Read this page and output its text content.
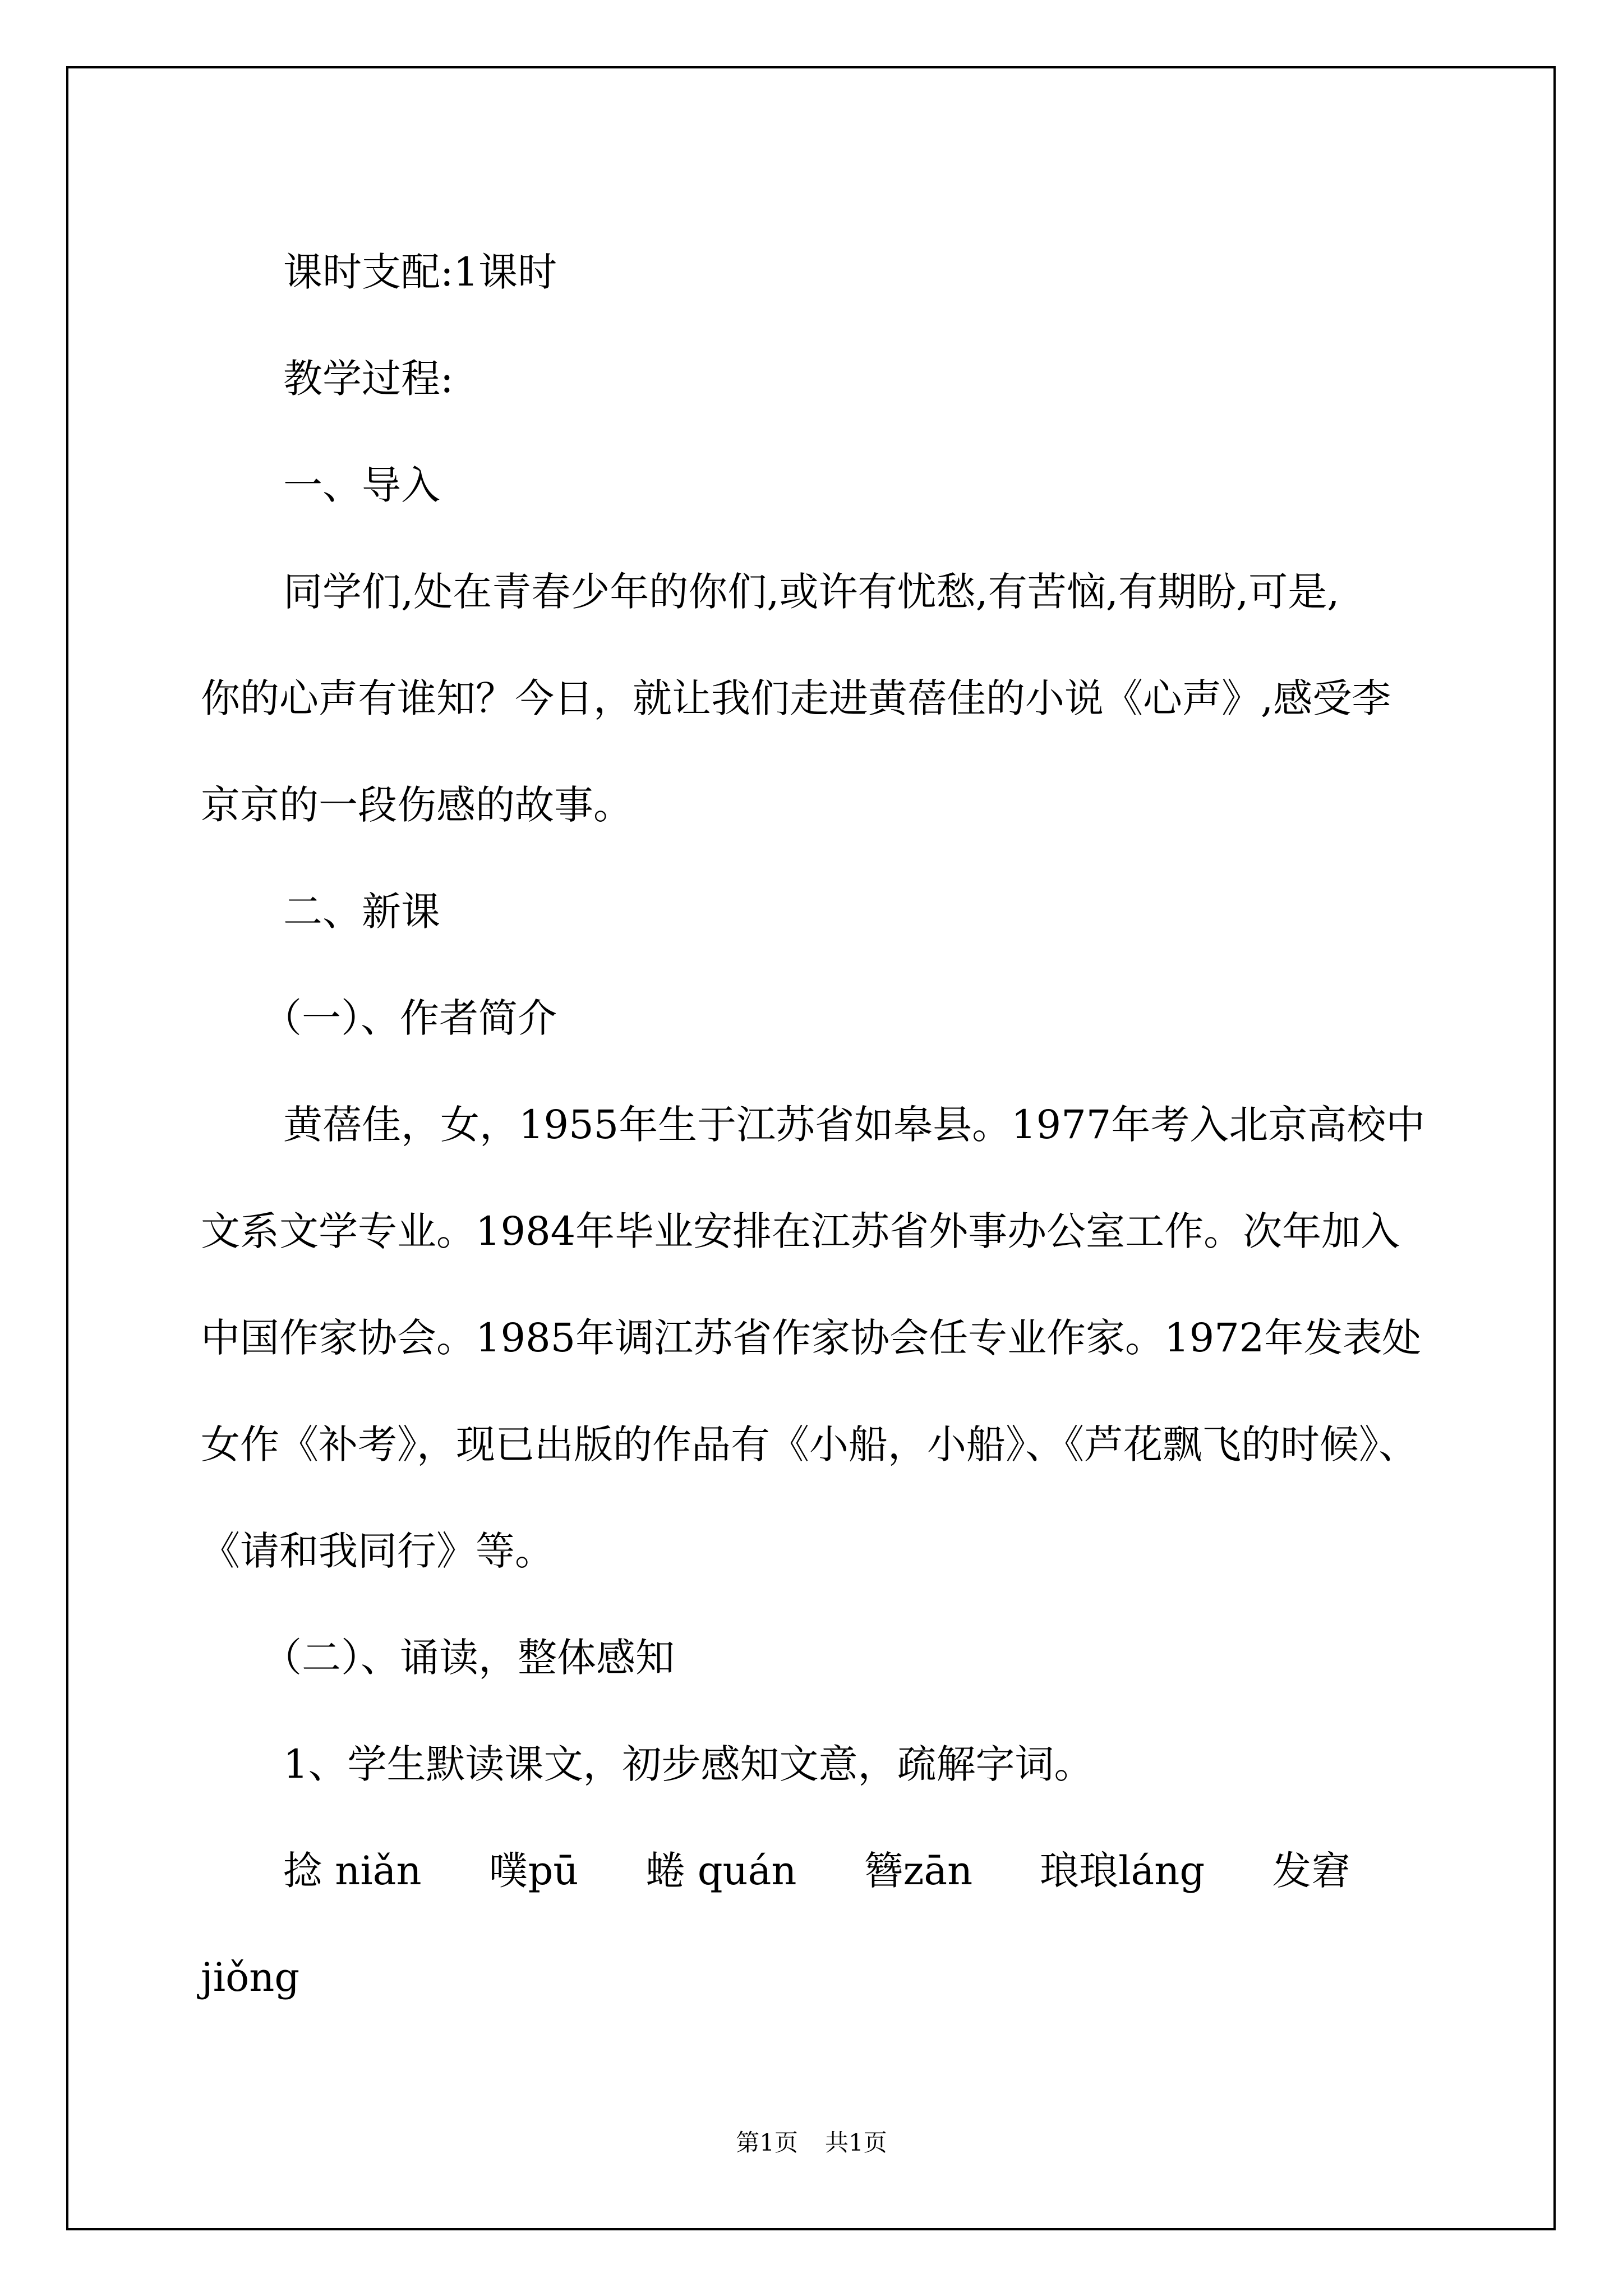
课时支配:1课时

教学过程:

一、导入

同学们,处在青春少年的你们,或许有忧愁,有苦恼,有期盼,可是,

你的心声有谁知？今日，就让我们走进黄蓓佳的小说《心声》,感受李

京京的一段伤感的故事。

二、新课

（一）、作者简介

黄蓓佳，女，1955年生于江苏省如皋县。1977年考入北京高校中

文系文学专业。1984年毕业安排在江苏省外事办公室工作。次年加入

中国作家协会。1985年调江苏省作家协会任专业作家。1972年发表处

女作《补考》，现已出版的作品有《小船，小船》、《芦花飘飞的时候》、

《请和我同行》等。

（二）、诵读，整体感知

1、学生默读课文，初步感知文意，疏解字词。

捻 niǎn 噗pū 蜷 quán 簪zān 琅琅láng 发窘

jiǒng

第1页 共1页
